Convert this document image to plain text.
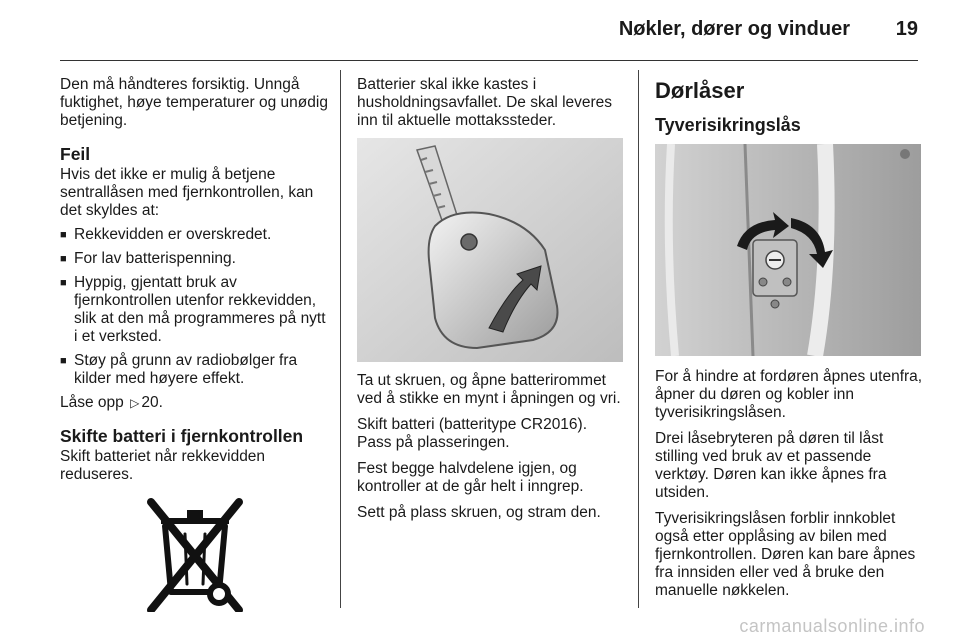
Nøkler, dører og vinduer	19

Den må håndteres forsiktig. Unngå fuktighet, høye temperaturer og unødig betjening.

Feil

Hvis det ikke er mulig å betjene sentrallåsen med fjernkontrollen, kan det skyldes at:

■ Rekkevidden er overskredet.
■ For lav batterispenning.
■ Hyppig, gjentatt bruk av fjernkontrollen utenfor rekkevidden, slik at den må programmeres på nytt i et verksted.
■ Støy på grunn av radiobølger fra kilder med høyere effekt.

Låse opp ▷ 20.

Skifte batteri i fjernkontrollen

Skift batteriet når rekkevidden reduseres.

Batterier skal ikke kastes i husholdningsavfallet. De skal leveres inn til aktuelle mottakssteder.

Ta ut skruen, og åpne batterirommet ved å stikke en mynt i åpningen og vri.

Skift batteri (batteritype CR2016). Pass på plasseringen.

Fest begge halvdelene igjen, og kontroller at de går helt i inngrep.

Sett på plass skruen, og stram den.

Dørlåser
Tyverisikringslås

For å hindre at fordøren åpnes utenfra, åpner du døren og kobler inn tyverisikringslåsen.

Drei låsebryteren på døren til låst stilling ved bruk av et passende verktøy. Døren kan ikke åpnes fra utsiden.

Tyverisikringslåsen forblir innkoblet også etter opplåsing av bilen med fjernkontrollen. Døren kan bare åpnes fra innsiden eller ved å bruke den manuelle nøkkelen.

carmanualsonline.info
